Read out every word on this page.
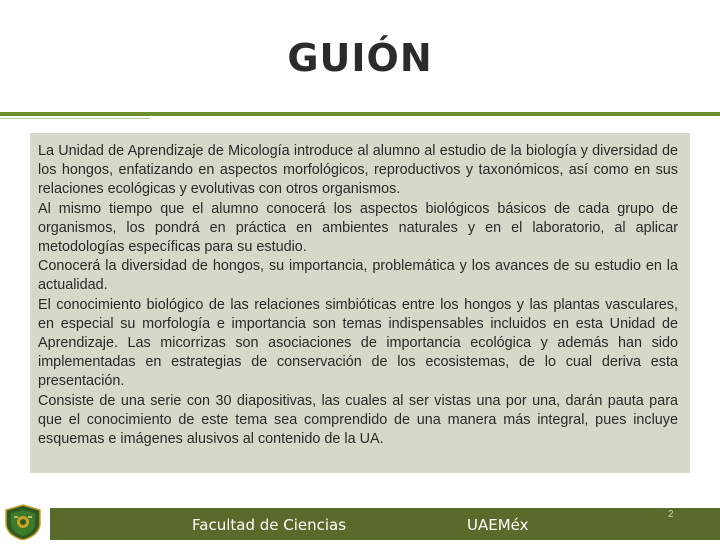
GUIÓN

La Unidad de Aprendizaje de Micología introduce al alumno al estudio de la biología y diversidad de los hongos, enfatizando en aspectos morfológicos, reproductivos y taxonómicos, así como en sus relaciones ecológicas y evolutivas con otros organismos.

Al mismo tiempo que el alumno conocerá los aspectos biológicos básicos de cada grupo de organismos, los pondrá en práctica en ambientes naturales y en el laboratorio, al aplicar metodologías específicas para su estudio.

Conocerá la diversidad de hongos, su importancia, problemática y los avances de su estudio en la actualidad.

El conocimiento biológico de las relaciones simbióticas entre los hongos y las plantas vasculares, en especial su morfología e importancia son temas indispensables incluidos en esta Unidad de Aprendizaje. Las micorrizas son asociaciones de importancia ecológica y además han sido implementadas en estrategias de conservación de los ecosistemas, de lo cual deriva esta presentación.

Consiste de una serie con 30 diapositivas, las cuales al ser vistas una por una, darán pauta para que el conocimiento de este tema sea comprendido de una manera más integral, pues incluye esquemas e imágenes alusivos al contenido de la UA.

Facultad de Ciencias	UAEMéx
2
